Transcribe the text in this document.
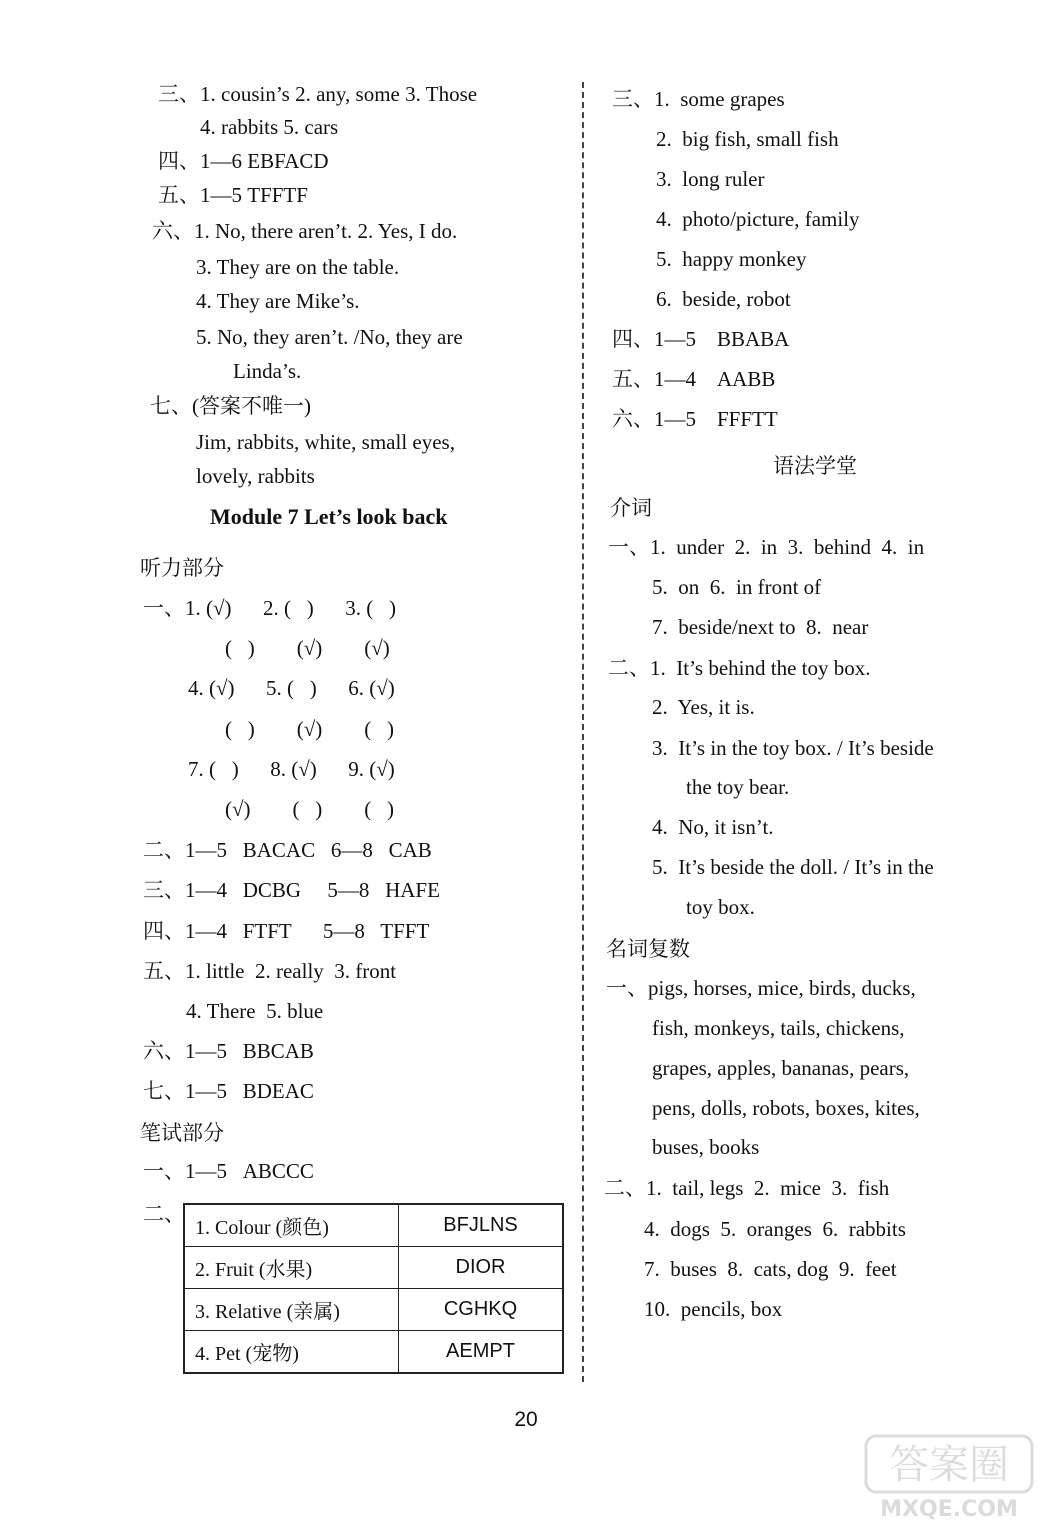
三、1. cousin’s 2. any, some 3. Those
4. rabbits 5. cars
四、1—6 EBFACD
五、1—5 TFFTF
六、1. No, there aren’t. 2. Yes, I do.
3. They are on the table.
4. They are Mike’s.
5. No, they aren’t. /No, they are
Linda’s.
七、(答案不唯一)
Jim, rabbits, white, small eyes,
lovely, rabbits
Module 7 Let’s look back
听力部分
一、1. (√)      2. (   )      3. (   )
(   )        (√)        (√)
4. (√)      5. (   )      6. (√)
(   )        (√)        (   )
7. (   )      8. (√)      9. (√)
(√)        (   )        (   )
二、1—5   BACAC   6—8   CAB
三、1—4   DCBG     5—8   HAFE
四、1—4   FTFT      5—8   TFFT
五、1. little  2. really  3. front
4. There  5. blue
六、1—5   BBCAB
七、1—5   BDEAC
笔试部分
一、1—5   ABCCC
二、
1. Colour (颜色)	BFJLNS
2. Fruit (水果)	DIOR
3. Relative (亲属)	CGHKQ
4. Pet (宠物)	AEMPT
三、1.  some grapes
2.  big fish, small fish
3.  long ruler
4.  photo/picture, family
5.  happy monkey
6.  beside, robot
四、1—5    BBABA
五、1—4    AABB
六、1—5    FFFTT
语法学堂
介词
一、1.  under  2.  in  3.  behind  4.  in
5.  on  6.  in front of
7.  beside/next to  8.  near
二、1.  It’s behind the toy box.
2.  Yes, it is.
3.  It’s in the toy box. / It’s beside
the toy bear.
4.  No, it isn’t.
5.  It’s beside the doll. / It’s in the
toy box.
名词复数
一、pigs, horses, mice, birds, ducks,
fish, monkeys, tails, chickens,
grapes, apples, bananas, pears,
pens, dolls, robots, boxes, kites,
buses, books
二、1.  tail, legs  2.  mice  3.  fish
4.  dogs  5.  oranges  6.  rabbits
7.  buses  8.  cats, dog  9.  feet
10.  pencils, box
20
答案圈
MXQE.COM
